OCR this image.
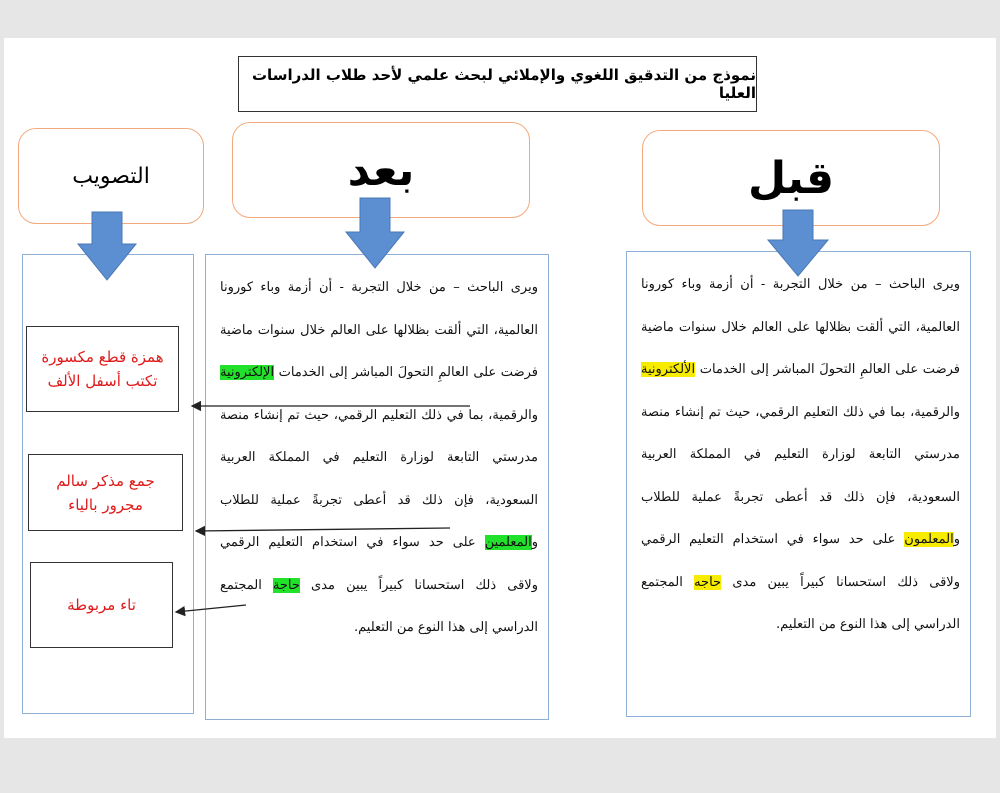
نموذج من التدقيق اللغوي والإملائي لبحث علمي لأحد طلاب الدراسات العليا
بعد	قبل
التصويب
ويرى الباحث – من خلال التجربة - أن أزمة وباء كورونا العالمية، التي ألقت بظلالها على العالم خلال سنوات ماضية فرضت على العالمِ التحولَ المباشر إلى الخدمات الإلكترونية والرقمية، بما في ذلك التعليم الرقمي، حيث تم إنشاء منصة مدرستي التابعة لوزارة التعليم في المملكة العربية السعودية، فإن ذلك قد أعطى تجربةً عملية للطلاب والمعلمين على حد سواء في استخدام التعليم الرقمي ولاقى ذلك استحسانا كبيراً يبين مدى حاجة المجتمع الدراسي إلى هذا النوع من التعليم.
ويرى الباحث – من خلال التجربة - أن أزمة وباء كورونا العالمية، التي ألقت بظلالها على العالم خلال سنوات ماضية فرضت على العالمِ التحولَ المباشر إلى الخدمات الألكترونية والرقمية، بما في ذلك التعليم الرقمي، حيث تم إنشاء منصة مدرستي التابعة لوزارة التعليم في المملكة العربية السعودية، فإن ذلك قد أعطى تجربةً عملية للطلاب والمعلمون على حد سواء في استخدام التعليم الرقمي ولاقى ذلك استحسانا كبيراً يبين مدى حاجه المجتمع الدراسي إلى هذا النوع من التعليم.
همزة قطع مكسورة تكتب أسفل الألف
جمع مذكر سالم مجرور بالياء
تاء مربوطة
